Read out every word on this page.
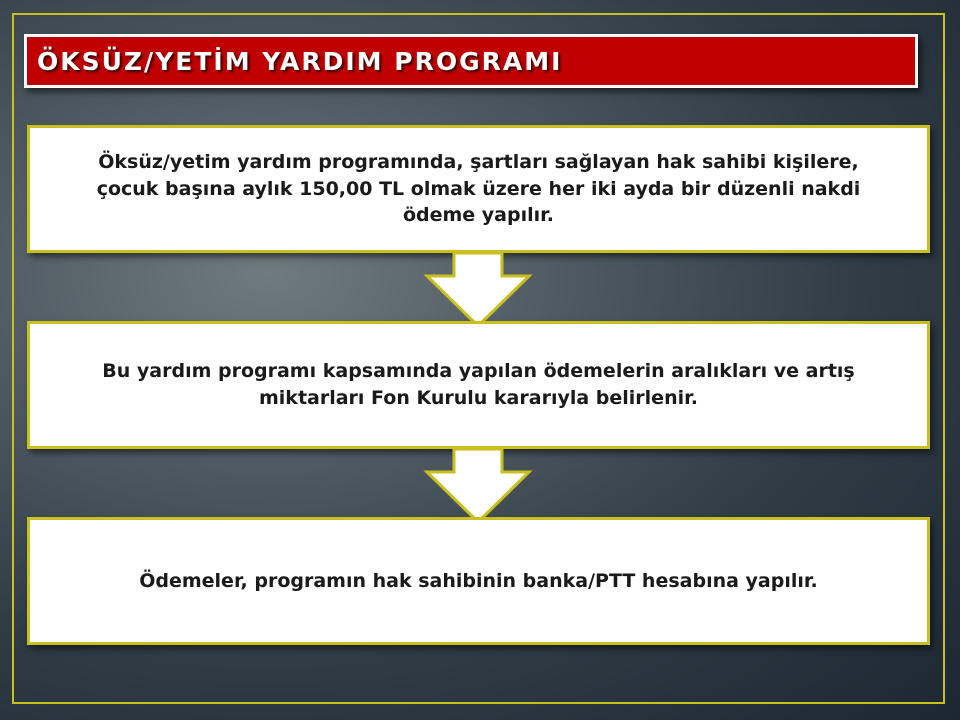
ÖKSÜZ/YETİM YARDIM PROGRAMI
Öksüz/yetim yardım programında, şartları sağlayan hak sahibi kişilere, çocuk başına aylık 150,00 TL olmak üzere her iki ayda bir düzenli nakdi ödeme yapılır.
Bu yardım programı kapsamında yapılan ödemelerin aralıkları ve artış miktarları Fon Kurulu kararıyla belirlenir.
Ödemeler, programın hak sahibinin banka/PTT hesabına yapılır.
